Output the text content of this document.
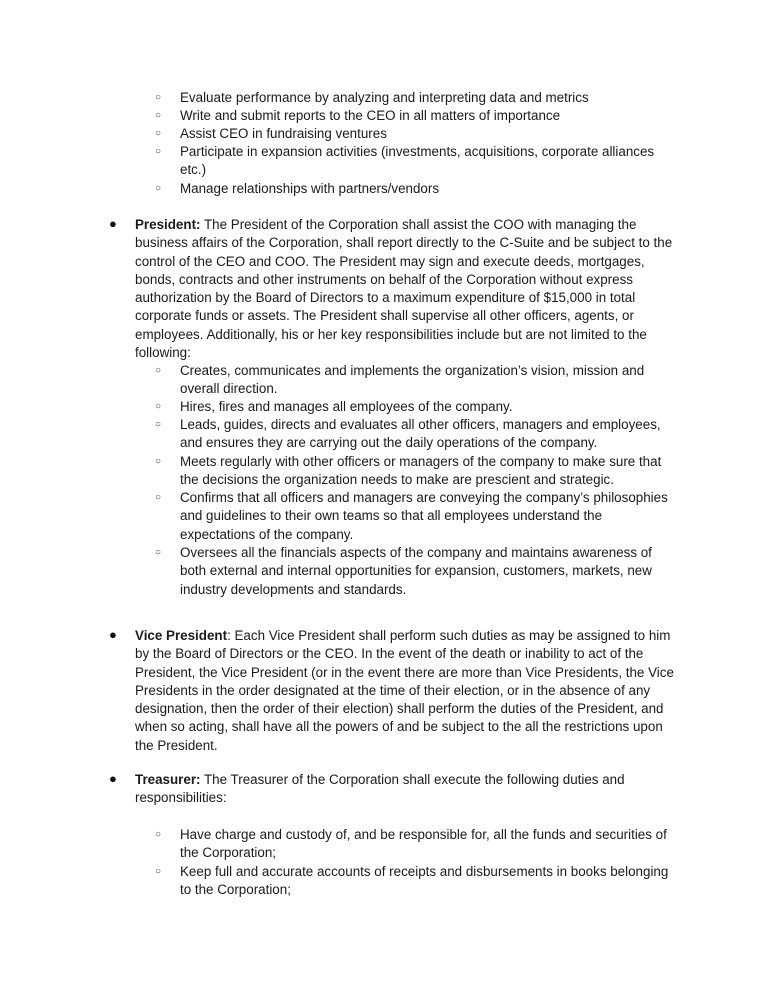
○ Evaluate performance by analyzing and interpreting data and metrics
○ Write and submit reports to the CEO in all matters of importance
○ Assist CEO in fundraising ventures
○ Participate in expansion activities (investments, acquisitions, corporate alliances etc.)
○ Manage relationships with partners/vendors
● President: The President of the Corporation shall assist the COO with managing the business affairs of the Corporation, shall report directly to the C-Suite and be subject to the control of the CEO and COO. The President may sign and execute deeds, mortgages, bonds, contracts and other instruments on behalf of the Corporation without express authorization by the Board of Directors to a maximum expenditure of $15,000 in total corporate funds or assets. The President shall supervise all other officers, agents, or employees. Additionally, his or her key responsibilities include but are not limited to the following:
○ Creates, communicates and implements the organization’s vision, mission and overall direction.
○ Hires, fires and manages all employees of the company.
○ Leads, guides, directs and evaluates all other officers, managers and employees, and ensures they are carrying out the daily operations of the company.
○ Meets regularly with other officers or managers of the company to make sure that the decisions the organization needs to make are prescient and strategic.
○ Confirms that all officers and managers are conveying the company’s philosophies and guidelines to their own teams so that all employees understand the expectations of the company.
○ Oversees all the financials aspects of the company and maintains awareness of both external and internal opportunities for expansion, customers, markets, new industry developments and standards.
● Vice President: Each Vice President shall perform such duties as may be assigned to him by the Board of Directors or the CEO. In the event of the death or inability to act of the President, the Vice President (or in the event there are more than Vice Presidents, the Vice Presidents in the order designated at the time of their election, or in the absence of any designation, then the order of their election) shall perform the duties of the President, and when so acting, shall have all the powers of and be subject to the all the restrictions upon the President.
● Treasurer: The Treasurer of the Corporation shall execute the following duties and responsibilities:
○ Have charge and custody of, and be responsible for, all the funds and securities of the Corporation;
○ Keep full and accurate accounts of receipts and disbursements in books belonging to the Corporation;
